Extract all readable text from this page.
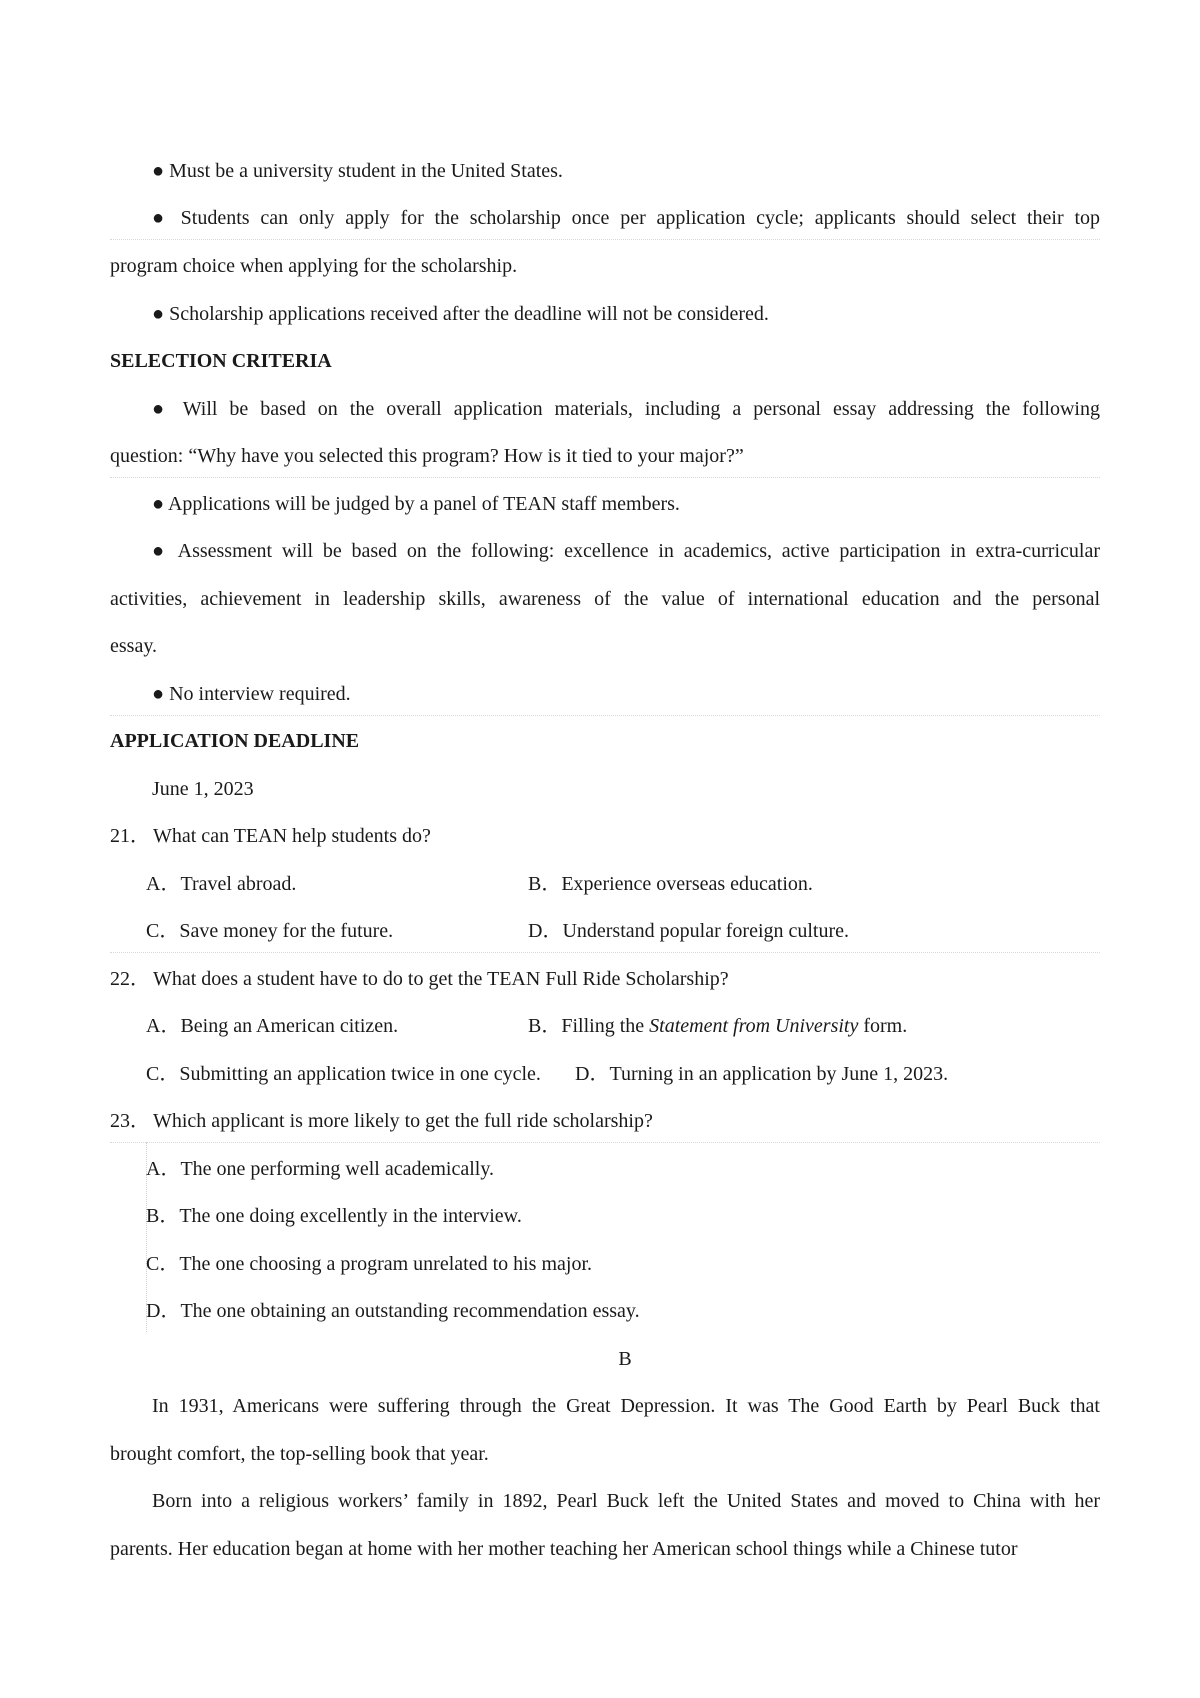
● Must be a university student in the United States.
● Students can only apply for the scholarship once per application cycle; applicants should select their top
program choice when applying for the scholarship.
● Scholarship applications received after the deadline will not be considered.
SELECTION CRITERIA
● Will be based on the overall application materials, including a personal essay addressing the following
question: “Why have you selected this program? How is it tied to your major?”
● Applications will be judged by a panel of TEAN staff members.
● Assessment will be based on the following: excellence in academics, active participation in extra-curricular
activities, achievement in leadership skills, awareness of the value of international education and the personal
essay.
● No interview required.
APPLICATION DEADLINE
June 1, 2023
21． What can TEAN help students do?
A．Travel abroad.	B．Experience overseas education.
C．Save money for the future.	D．Understand popular foreign culture.
22． What does a student have to do to get the TEAN Full Ride Scholarship?
A．Being an American citizen.	B．Filling the Statement from University form.
C．Submitting an application twice in one cycle. D．Turning in an application by June 1, 2023.
23． Which applicant is more likely to get the full ride scholarship?
A．The one performing well academically.
B．The one doing excellently in the interview.
C．The one choosing a program unrelated to his major.
D．The one obtaining an outstanding recommendation essay.
B
In 1931, Americans were suffering through the Great Depression. It was The Good Earth by Pearl Buck that
brought comfort, the top-selling book that year.
Born into a religious workers’ family in 1892, Pearl Buck left the United States and moved to China with her
parents. Her education began at home with her mother teaching her American school things while a Chinese tutor
